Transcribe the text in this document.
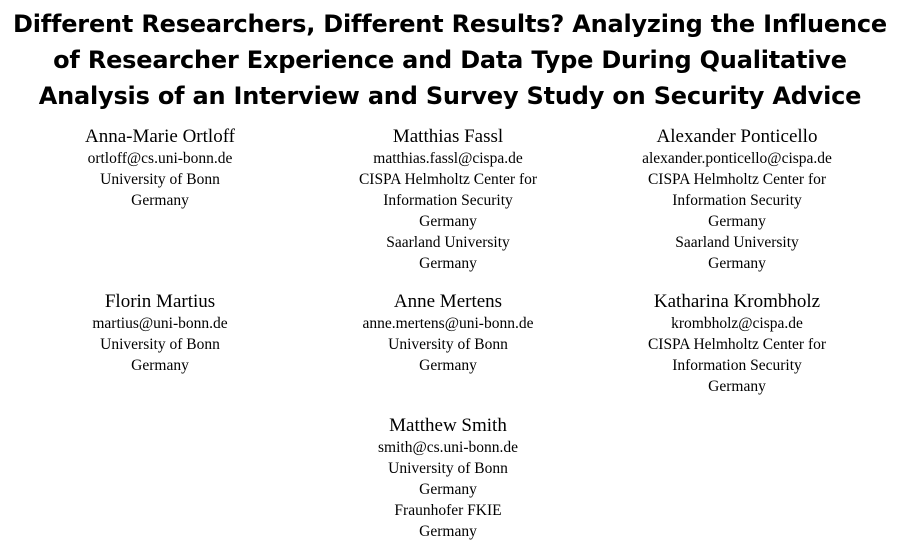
Different Researchers, Different Results? Analyzing the Influence
of Researcher Experience and Data Type During Qualitative
Analysis of an Interview and Survey Study on Security Advice
Anna-Marie Ortloff
ortloff@cs.uni-bonn.de
University of Bonn
Germany
Matthias Fassl
matthias.fassl@cispa.de
CISPA Helmholtz Center for
Information Security
Germany
Saarland University
Germany
Alexander Ponticello
alexander.ponticello@cispa.de
CISPA Helmholtz Center for
Information Security
Germany
Saarland University
Germany
Florin Martius
martius@uni-bonn.de
University of Bonn
Germany
Anne Mertens
anne.mertens@uni-bonn.de
University of Bonn
Germany
Katharina Krombholz
krombholz@cispa.de
CISPA Helmholtz Center for
Information Security
Germany
Matthew Smith
smith@cs.uni-bonn.de
University of Bonn
Germany
Fraunhofer FKIE
Germany
